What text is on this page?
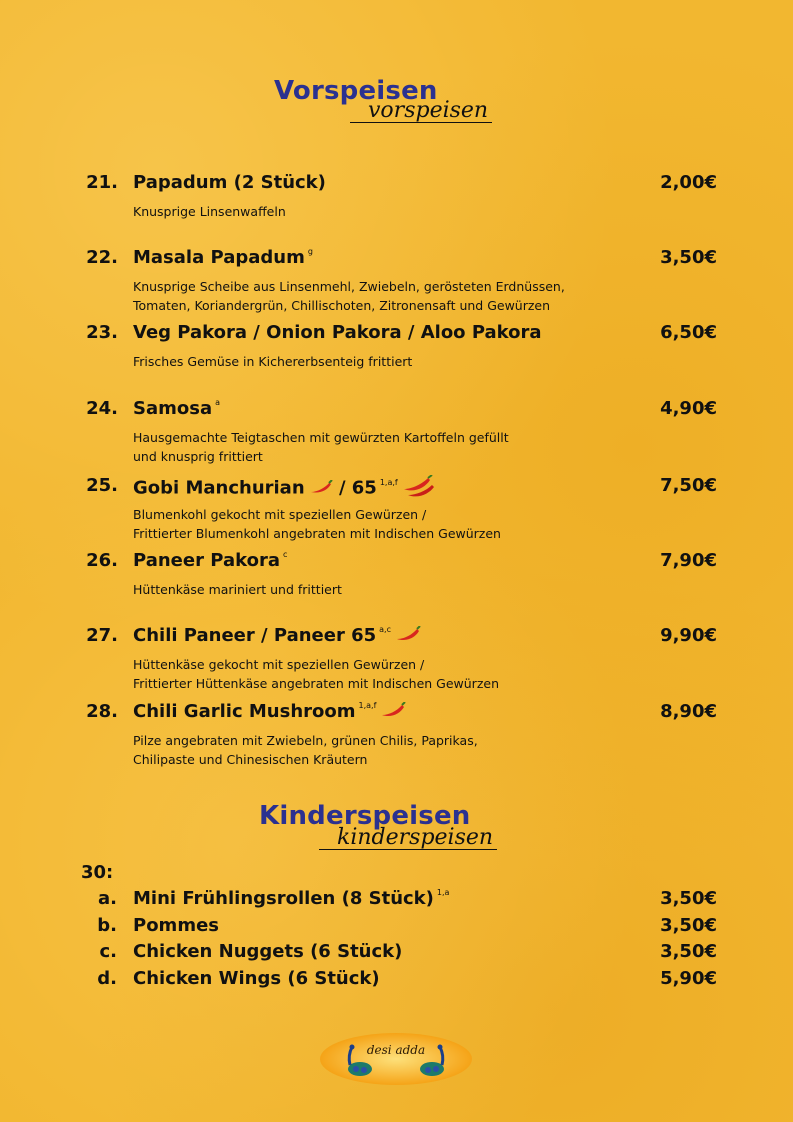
Vorspeisen
vorspeisen
21. Papadum (2 Stück)	2,00€
Knusprige Linsenwaffeln
22. Masala Papadum $^g$	3,50€
Knusprige Scheibe aus Linsenmehl, Zwiebeln, gerösteten Erdnüssen,
Tomaten, Koriandergrün, Chillischoten, Zitronensaft und Gewürzen
23. Veg Pakora / Onion Pakora / Aloo Pakora	6,50€
Frisches Gemüse in Kichererbsenteig frittiert
24. Samosa $^a$	4,90€
Hausgemachte Teigtaschen mit gewürzten Kartoffeln gefüllt
und knusprig frittiert
25. Gobi Manchurian / 65 $^{1,a,f}$	7,50€
Blumenkohl gekocht mit speziellen Gewürzen /
Frittierter Blumenkohl angebraten mit Indischen Gewürzen
26. Paneer Pakora $^c$	7,90€
Hüttenkäse mariniert und frittiert
27. Chili Paneer / Paneer 65 $^{a,c}$	9,90€
Hüttenkäse gekocht mit speziellen Gewürzen /
Frittierter Hüttenkäse angebraten mit Indischen Gewürzen
28. Chili Garlic Mushroom $^{1,a,f}$	8,90€
Pilze angebraten mit Zwiebeln, grünen Chilis, Paprikas,
Chilipaste und Chinesischen Kräutern
Kinderspeisen
kinderspeisen
30:
a. Mini Frühlingsrollen (8 Stück) $^{1,a}$	3,50€
b. Pommes	3,50€
c. Chicken Nuggets (6 Stück)	3,50€
d. Chicken Wings (6 Stück)	5,90€
desi adda
